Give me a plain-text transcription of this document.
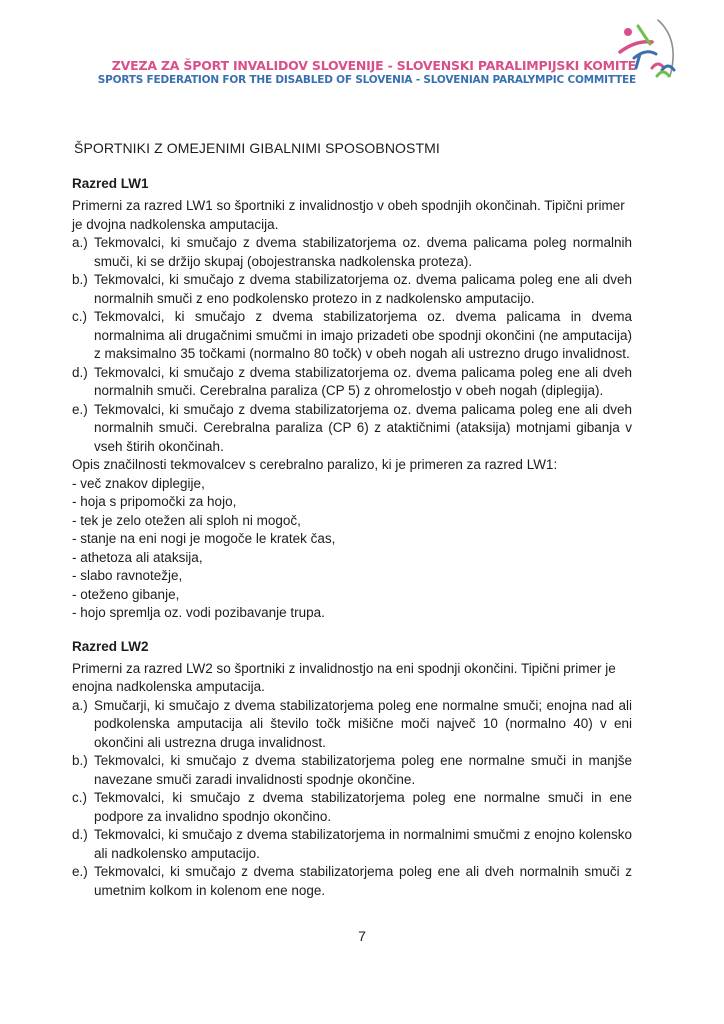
ZVEZA ZA ŠPORT INVALIDOV SLOVENIJE - SLOVENSKI PARALIMPIJSKI KOMITE
SPORTS FEDERATION FOR THE DISABLED OF SLOVENIA - SLOVENIAN PARALYMPIC COMMITTEE
ŠPORTNIKI Z OMEJENIMI GIBALNIMI SPOSOBNOSTMI
Razred LW1

Primerni za razred LW1 so športniki z invalidnostjo v obeh spodnjih okončinah. Tipični primer je dvojna nadkolenska amputacija.

a.) Tekmovalci, ki smučajo z dvema stabilizatorjema oz. dvema palicama poleg normalnih smuči, ki se držijo skupaj (obojestranska nadkolenska proteza).
b.) Tekmovalci, ki smučajo z dvema stabilizatorjema oz. dvema palicama poleg ene ali dveh normalnih smuči z eno podkolensko protezo in z nadkolensko amputacijo.
c.) Tekmovalci, ki smučajo z dvema stabilizatorjema oz. dvema palicama in dvema normalnima ali drugačnimi smučmi in imajo prizadeti obe spodnji okončini (ne amputacija) z maksimalno 35 točkami (normalno 80 točk) v obeh nogah ali ustrezno drugo invalidnost.
d.) Tekmovalci, ki smučajo z dvema stabilizatorjema oz. dvema palicama poleg ene ali dveh normalnih smuči. Cerebralna paraliza (CP 5) z ohromelostjo v obeh nogah (diplegija).
e.) Tekmovalci, ki smučajo z dvema stabilizatorjema oz. dvema palicama poleg ene ali dveh normalnih smuči. Cerebralna paraliza (CP 6) z ataktičnimi (ataksija) motnjami gibanja v vseh štirih okončinah.

Opis značilnosti tekmovalcev s cerebralno paralizo, ki je primeren za razred LW1:

- več znakov diplegije,
- hoja s pripomočki za hojo,
- tek je zelo otežen ali sploh ni mogoč,
- stanje na eni nogi je mogoče le kratek čas,
- athetoza ali ataksija,
- slabo ravnotežje,
- oteženo gibanje,
- hojo spremlja oz. vodi pozibavanje trupa.
Razred LW2

Primerni za razred LW2 so športniki z invalidnostjo na eni spodnji okončini. Tipični primer je enojna nadkolenska amputacija.

a.) Smučarji, ki smučajo z dvema stabilizatorjema poleg ene normalne smuči; enojna nad ali podkolenska amputacija ali število točk mišične moči največ 10 (normalno 40) v eni okončini ali ustrezna druga invalidnost.
b.) Tekmovalci, ki smučajo z dvema stabilizatorjema poleg ene normalne smuči in manjše navezane smuči zaradi invalidnosti spodnje okončine.
c.) Tekmovalci, ki smučajo z dvema stabilizatorjema poleg ene normalne smuči in ene podpore za invalidno spodnjo okončino.
d.) Tekmovalci, ki smučajo z dvema stabilizatorjema in normalnimi smučmi z enojno kolensko ali nadkolensko amputacijo.
e.) Tekmovalci, ki smučajo z dvema stabilizatorjema poleg ene ali dveh normalnih smuči z umetnim kolkom in kolenom ene noge.
7
